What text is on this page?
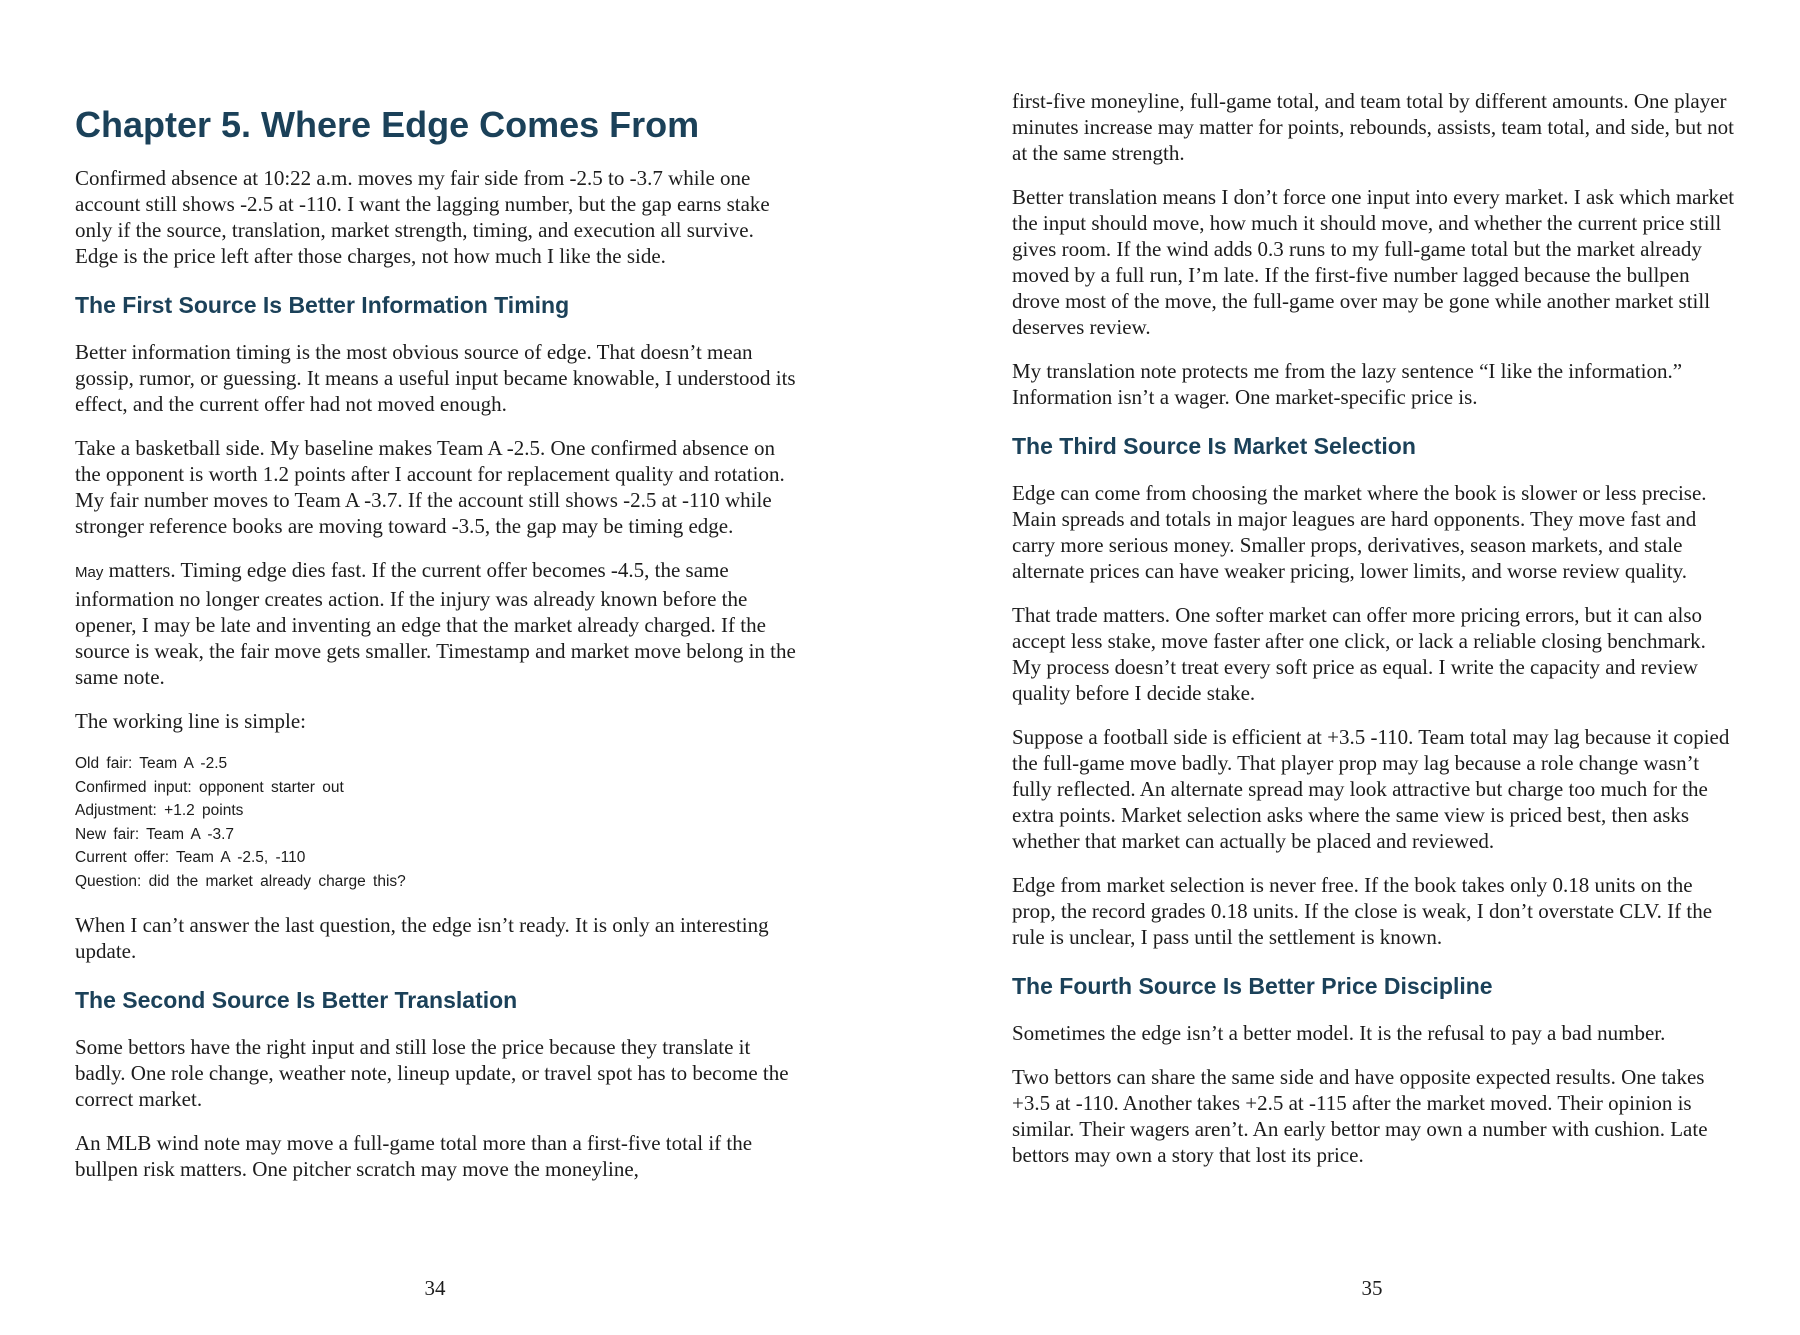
Chapter 5. Where Edge Comes From

Confirmed absence at 10:22 a.m. moves my fair side from -2.5 to -3.7 while one account still shows -2.5 at -110. I want the lagging number, but the gap earns stake only if the source, translation, market strength, timing, and execution all survive. Edge is the price left after those charges, not how much I like the side.

The First Source Is Better Information Timing

Better information timing is the most obvious source of edge. That doesn’t mean gossip, rumor, or guessing. It means a useful input became knowable, I understood its effect, and the current offer had not moved enough.

Take a basketball side. My baseline makes Team A -2.5. One confirmed absence on the opponent is worth 1.2 points after I account for replacement quality and rotation. My fair number moves to Team A -3.7. If the account still shows -2.5 at -110 while stronger reference books are moving toward -3.5, the gap may be timing edge.

May matters. Timing edge dies fast. If the current offer becomes -4.5, the same information no longer creates action. If the injury was already known before the opener, I may be late and inventing an edge that the market already charged. If the source is weak, the fair move gets smaller. Timestamp and market move belong in the same note.

The working line is simple:

Old fair: Team A -2.5
Confirmed input: opponent starter out
Adjustment: +1.2 points
New fair: Team A -3.7
Current offer: Team A -2.5, -110
Question: did the market already charge this?

When I can’t answer the last question, the edge isn’t ready. It is only an interesting update.

The Second Source Is Better Translation

Some bettors have the right input and still lose the price because they translate it badly. One role change, weather note, lineup update, or travel spot has to become the correct market.

An MLB wind note may move a full-game total more than a first-five total if the bullpen risk matters. One pitcher scratch may move the moneyline,

34

first-five moneyline, full-game total, and team total by different amounts. One player minutes increase may matter for points, rebounds, assists, team total, and side, but not at the same strength.

Better translation means I don’t force one input into every market. I ask which market the input should move, how much it should move, and whether the current price still gives room. If the wind adds 0.3 runs to my full-game total but the market already moved by a full run, I’m late. If the first-five number lagged because the bullpen drove most of the move, the full-game over may be gone while another market still deserves review.

My translation note protects me from the lazy sentence “I like the information.” Information isn’t a wager. One market-specific price is.

The Third Source Is Market Selection

Edge can come from choosing the market where the book is slower or less precise. Main spreads and totals in major leagues are hard opponents. They move fast and carry more serious money. Smaller props, derivatives, season markets, and stale alternate prices can have weaker pricing, lower limits, and worse review quality.

That trade matters. One softer market can offer more pricing errors, but it can also accept less stake, move faster after one click, or lack a reliable closing benchmark. My process doesn’t treat every soft price as equal. I write the capacity and review quality before I decide stake.

Suppose a football side is efficient at +3.5 -110. Team total may lag because it copied the full-game move badly. That player prop may lag because a role change wasn’t fully reflected. An alternate spread may look attractive but charge too much for the extra points. Market selection asks where the same view is priced best, then asks whether that market can actually be placed and reviewed.

Edge from market selection is never free. If the book takes only 0.18 units on the prop, the record grades 0.18 units. If the close is weak, I don’t overstate CLV. If the rule is unclear, I pass until the settlement is known.

The Fourth Source Is Better Price Discipline

Sometimes the edge isn’t a better model. It is the refusal to pay a bad number.

Two bettors can share the same side and have opposite expected results. One takes +3.5 at -110. Another takes +2.5 at -115 after the market moved. Their opinion is similar. Their wagers aren’t. An early bettor may own a number with cushion. Late bettors may own a story that lost its price.

35
